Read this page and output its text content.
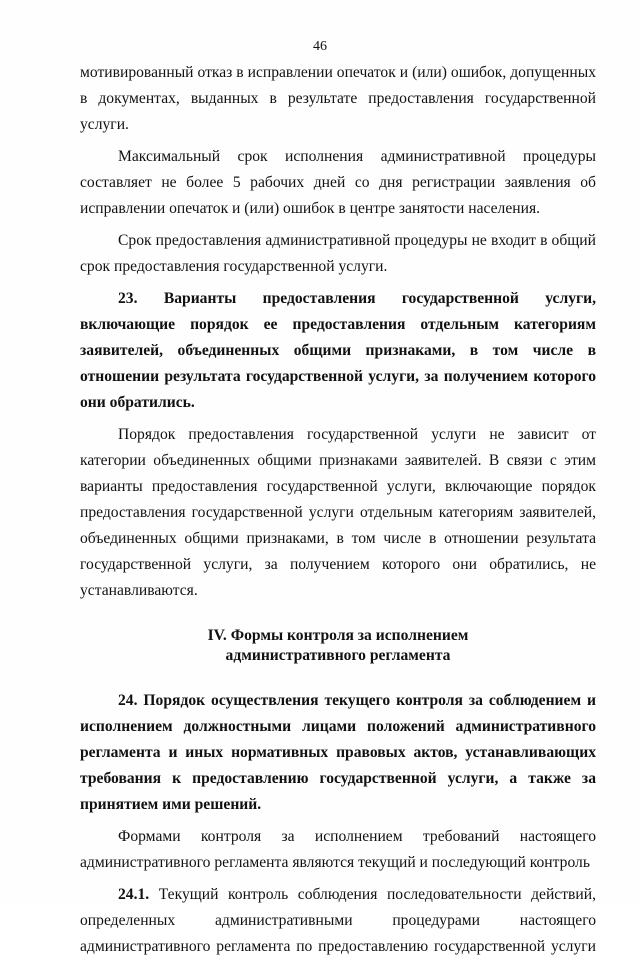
46

мотивированный отказ в исправлении опечаток и (или) ошибок, допущенных в документах, выданных в результате предоставления государственной услуги.

Максимальный срок исполнения административной процедуры составляет не более 5 рабочих дней со дня регистрации заявления об исправлении опечаток и (или) ошибок в центре занятости населения.

Срок предоставления административной процедуры не входит в общий срок предоставления государственной услуги.

23. Варианты предоставления государственной услуги, включающие порядок ее предоставления отдельным категориям заявителей, объединенных общими признаками, в том числе в отношении результата государственной услуги, за получением которого они обратились.

Порядок предоставления государственной услуги не зависит от категории объединенных общими признаками заявителей. В связи с этим варианты предоставления государственной услуги, включающие порядок предоставления государственной услуги отдельным категориям заявителей, объединенных общими признаками, в том числе в отношении результата государственной услуги, за получением которого они обратились, не устанавливаются.

IV. Формы контроля за исполнением
административного регламента

24. Порядок осуществления текущего контроля за соблюдением и исполнением должностными лицами положений административного регламента и иных нормативных правовых актов, устанавливающих требования к предоставлению государственной услуги, а также за принятием ими решений.

Формами контроля за исполнением требований настоящего административного регламента являются текущий и последующий контроль

24.1. Текущий контроль соблюдения последовательности действий, определенных административными процедурами настоящего административного регламента по предоставлению государственной услуги
